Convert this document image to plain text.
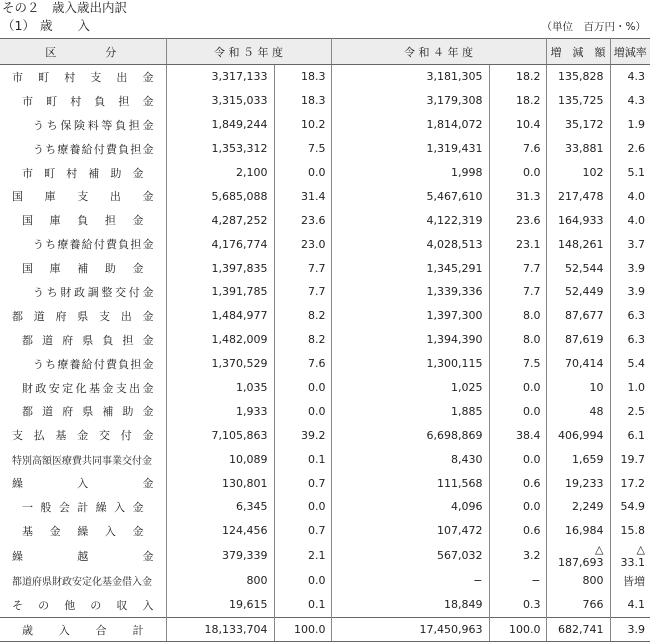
その２　歳入歳出内訳
（1） 歳　　入	（単位　百万円・%）
区　　　分	令 和 ５ 年 度		令 和 ４ 年 度		増　減　額	増減率
市町村支出金	3,317,133	18.3	3,181,305	18.2	135,828	4.3
市町村負担金	3,315,033	18.3	3,179,308	18.2	135,725	4.3
うち保険料等負担金	1,849,244	10.2	1,814,072	10.4	35,172	1.9
うち療養給付費負担金	1,353,312	7.5	1,319,431	7.6	33,881	2.6
市町村補助金	2,100	0.0	1,998	0.0	102	5.1
国庫支出金	5,685,088	31.4	5,467,610	31.3	217,478	4.0
国庫負担金	4,287,252	23.6	4,122,319	23.6	164,933	4.0
うち療養給付費負担金	4,176,774	23.0	4,028,513	23.1	148,261	3.7
国庫補助金	1,397,835	7.7	1,345,291	7.7	52,544	3.9
うち財政調整交付金	1,391,785	7.7	1,339,336	7.7	52,449	3.9
都道府県支出金	1,484,977	8.2	1,397,300	8.0	87,677	6.3
都道府県負担金	1,482,009	8.2	1,394,390	8.0	87,619	6.3
うち療養給付費負担金	1,370,529	7.6	1,300,115	7.5	70,414	5.4
財政安定化基金支出金	1,035	0.0	1,025	0.0	10	1.0
都道府県補助金	1,933	0.0	1,885	0.0	48	2.5
支払基金交付金	7,105,863	39.2	6,698,869	38.4	406,994	6.1
特別高額医療費共同事業交付金	10,089	0.1	8,430	0.0	1,659	19.7
繰入金	130,801	0.7	111,568	0.6	19,233	17.2
一般会計繰入金	6,345	0.0	4,096	0.0	2,249	54.9
基金繰入金	124,456	0.7	107,472	0.6	16,984	15.8
繰越金	379,339	2.1	567,032	3.2	△ 187,693	△ 33.1
都道府県財政安定化基金借入金	800	0.0	−	−	800	皆増
その他の収入	19,615	0.1	18,849	0.3	766	4.1
歳入合計	18,133,704	100.0	17,450,963	100.0	682,741	3.9
